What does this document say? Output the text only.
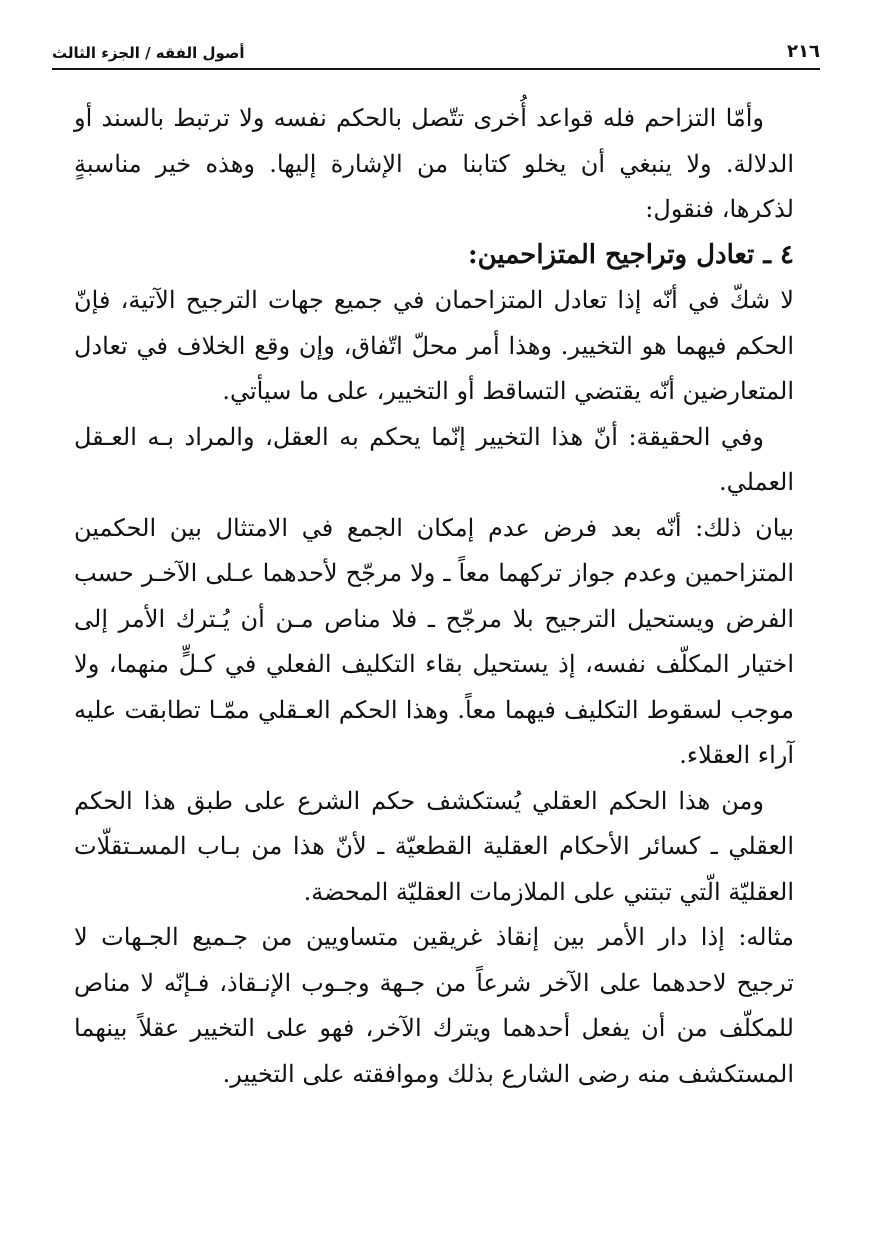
٢١٦
أصول الفقه / الجزء الثالث

وأمّا التزاحم فله قواعد أُخرى تتّصل بالحكم نفسه ولا ترتبط بالسند أو الدلالة. ولا ينبغي أن يخلو كتابنا من الإشارة إليها. وهذه خير مناسبةٍ لذكرها، فنقول:

٤ ـ تعادل وتراجيح المتزاحمين:

لا شكّ في أنّه إذا تعادل المتزاحمان في جميع جهات الترجيح الآتية، فإنّ الحكم فيهما هو التخيير. وهذا أمر محلّ اتّفاق، وإن وقع الخلاف في تعادل المتعارضين أنّه يقتضي التساقط أو التخيير، على ما سيأتي.

وفي الحقيقة: أنّ هذا التخيير إنّما يحكم به العقل، والمراد بـه العـقل العملي.

بيان ذلك: أنّه بعد فرض عدم إمكان الجمع في الامتثال بين الحكمين المتزاحمين وعدم جواز تركهما معاً ـ ولا مرجّح لأحدهما عـلى الآخـر حسب الفرض ويستحيل الترجيح بلا مرجّح ـ فلا مناص مـن أن يُـترك الأمر إلى اختيار المكلّف نفسه، إذ يستحيل بقاء التكليف الفعلي في كـلٍّ منهما، ولا موجب لسقوط التكليف فيهما معاً. وهذا الحكم العـقلي ممّـا تطابقت عليه آراء العقلاء.

ومن هذا الحكم العقلي يُستكشف حكم الشرع على طبق هذا الحكم العقلي ـ كسائر الأحكام العقلية القطعيّة ـ لأنّ هذا من بـاب المسـتقلّات العقليّة الّتي تبتني على الملازمات العقليّة المحضة.

مثاله: إذا دار الأمر بين إنقاذ غريقين متساويين من جـميع الجـهات لا ترجيح لاحدهما على الآخر شرعاً من جـهة وجـوب الإنـقاذ، فـإنّه لا مناص للمكلّف من أن يفعل أحدهما ويترك الآخر، فهو على التخيير عقلاً بينهما المستكشف منه رضى الشارع بذلك وموافقته على التخيير.
